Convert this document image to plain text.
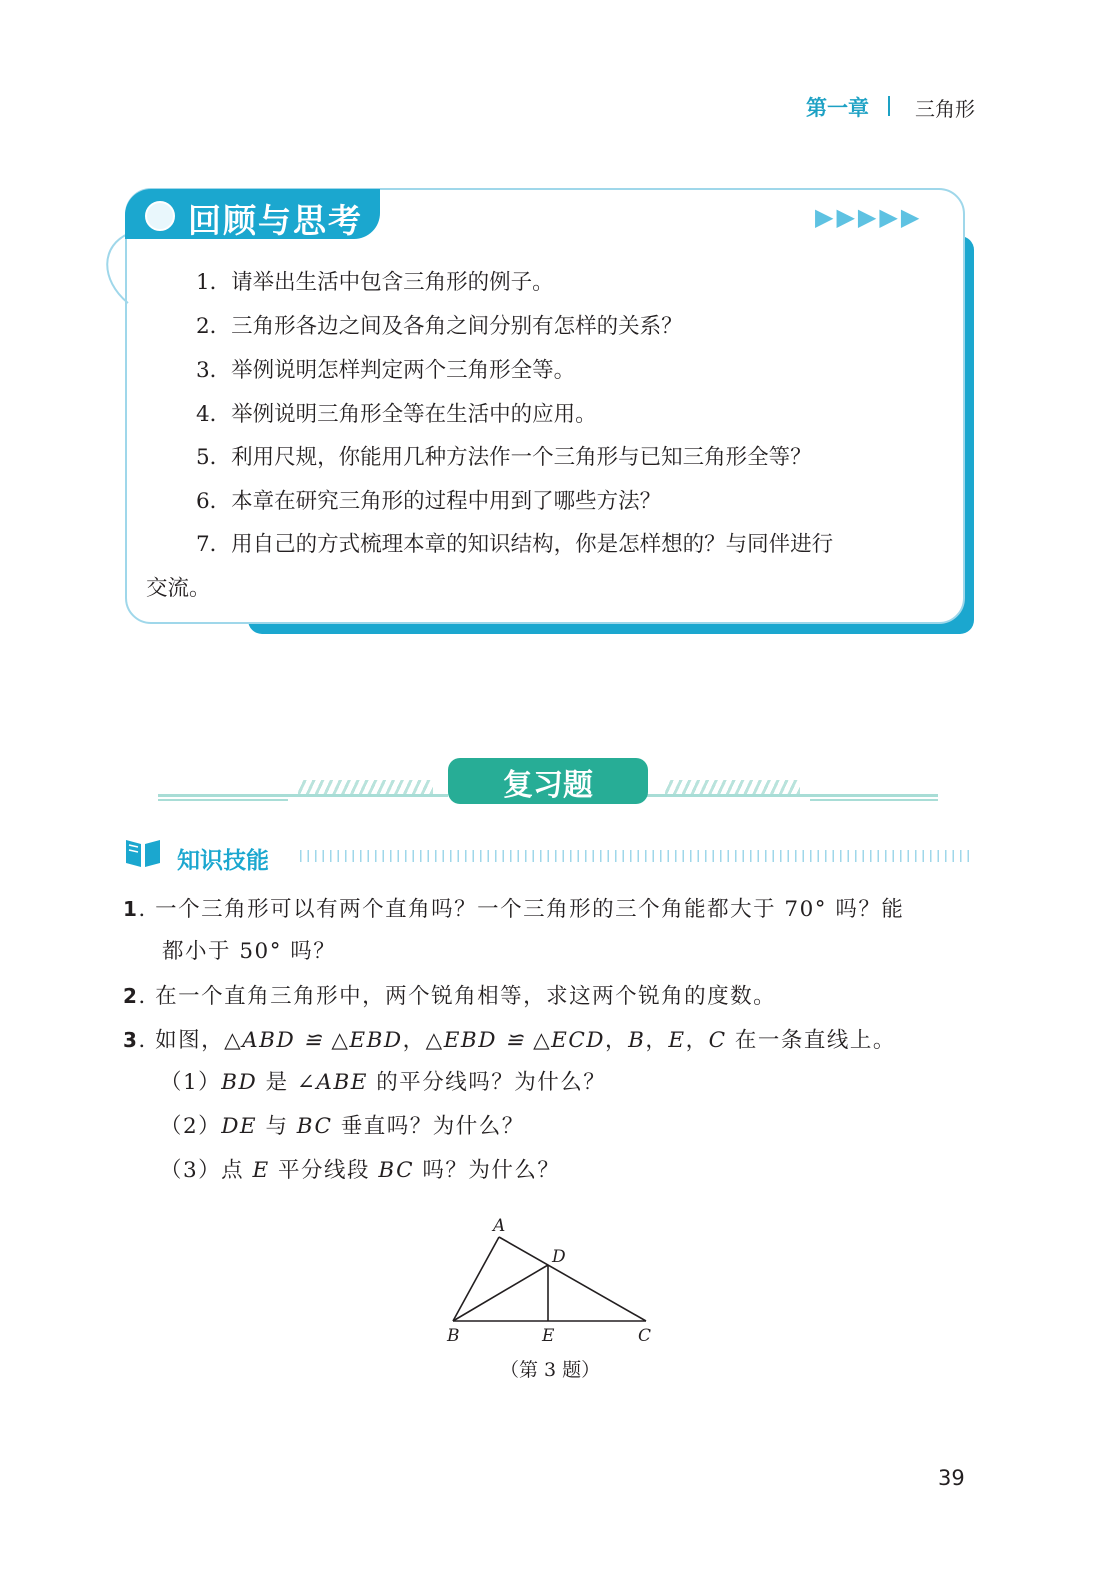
第一章 三角形
回顾与思考	▶▶▶▶▶
1．请举出生活中包含三角形的例子。
2．三角形各边之间及各角之间分别有怎样的关系？
3．举例说明怎样判定两个三角形全等。
4．举例说明三角形全等在生活中的应用。
5．利用尺规，你能用几种方法作一个三角形与已知三角形全等？
6．本章在研究三角形的过程中用到了哪些方法？
7．用自己的方式梳理本章的知识结构，你是怎样想的？与同伴进行
交流。
复习题
知识技能
1. 一个三角形可以有两个直角吗？一个三角形的三个角能都大于 70° 吗？能
都小于 50° 吗？
2. 在一个直角三角形中，两个锐角相等，求这两个锐角的度数。
3. 如图，△ABD ≌ △EBD，△EBD ≌ △ECD，B，E，C 在一条直线上。
（1）BD 是 ∠ABE 的平分线吗？为什么？
（2）DE 与 BC 垂直吗？为什么？
（3）点 E 平分线段 BC 吗？为什么？
A
B	C
D
E
（第 3 题）
39
